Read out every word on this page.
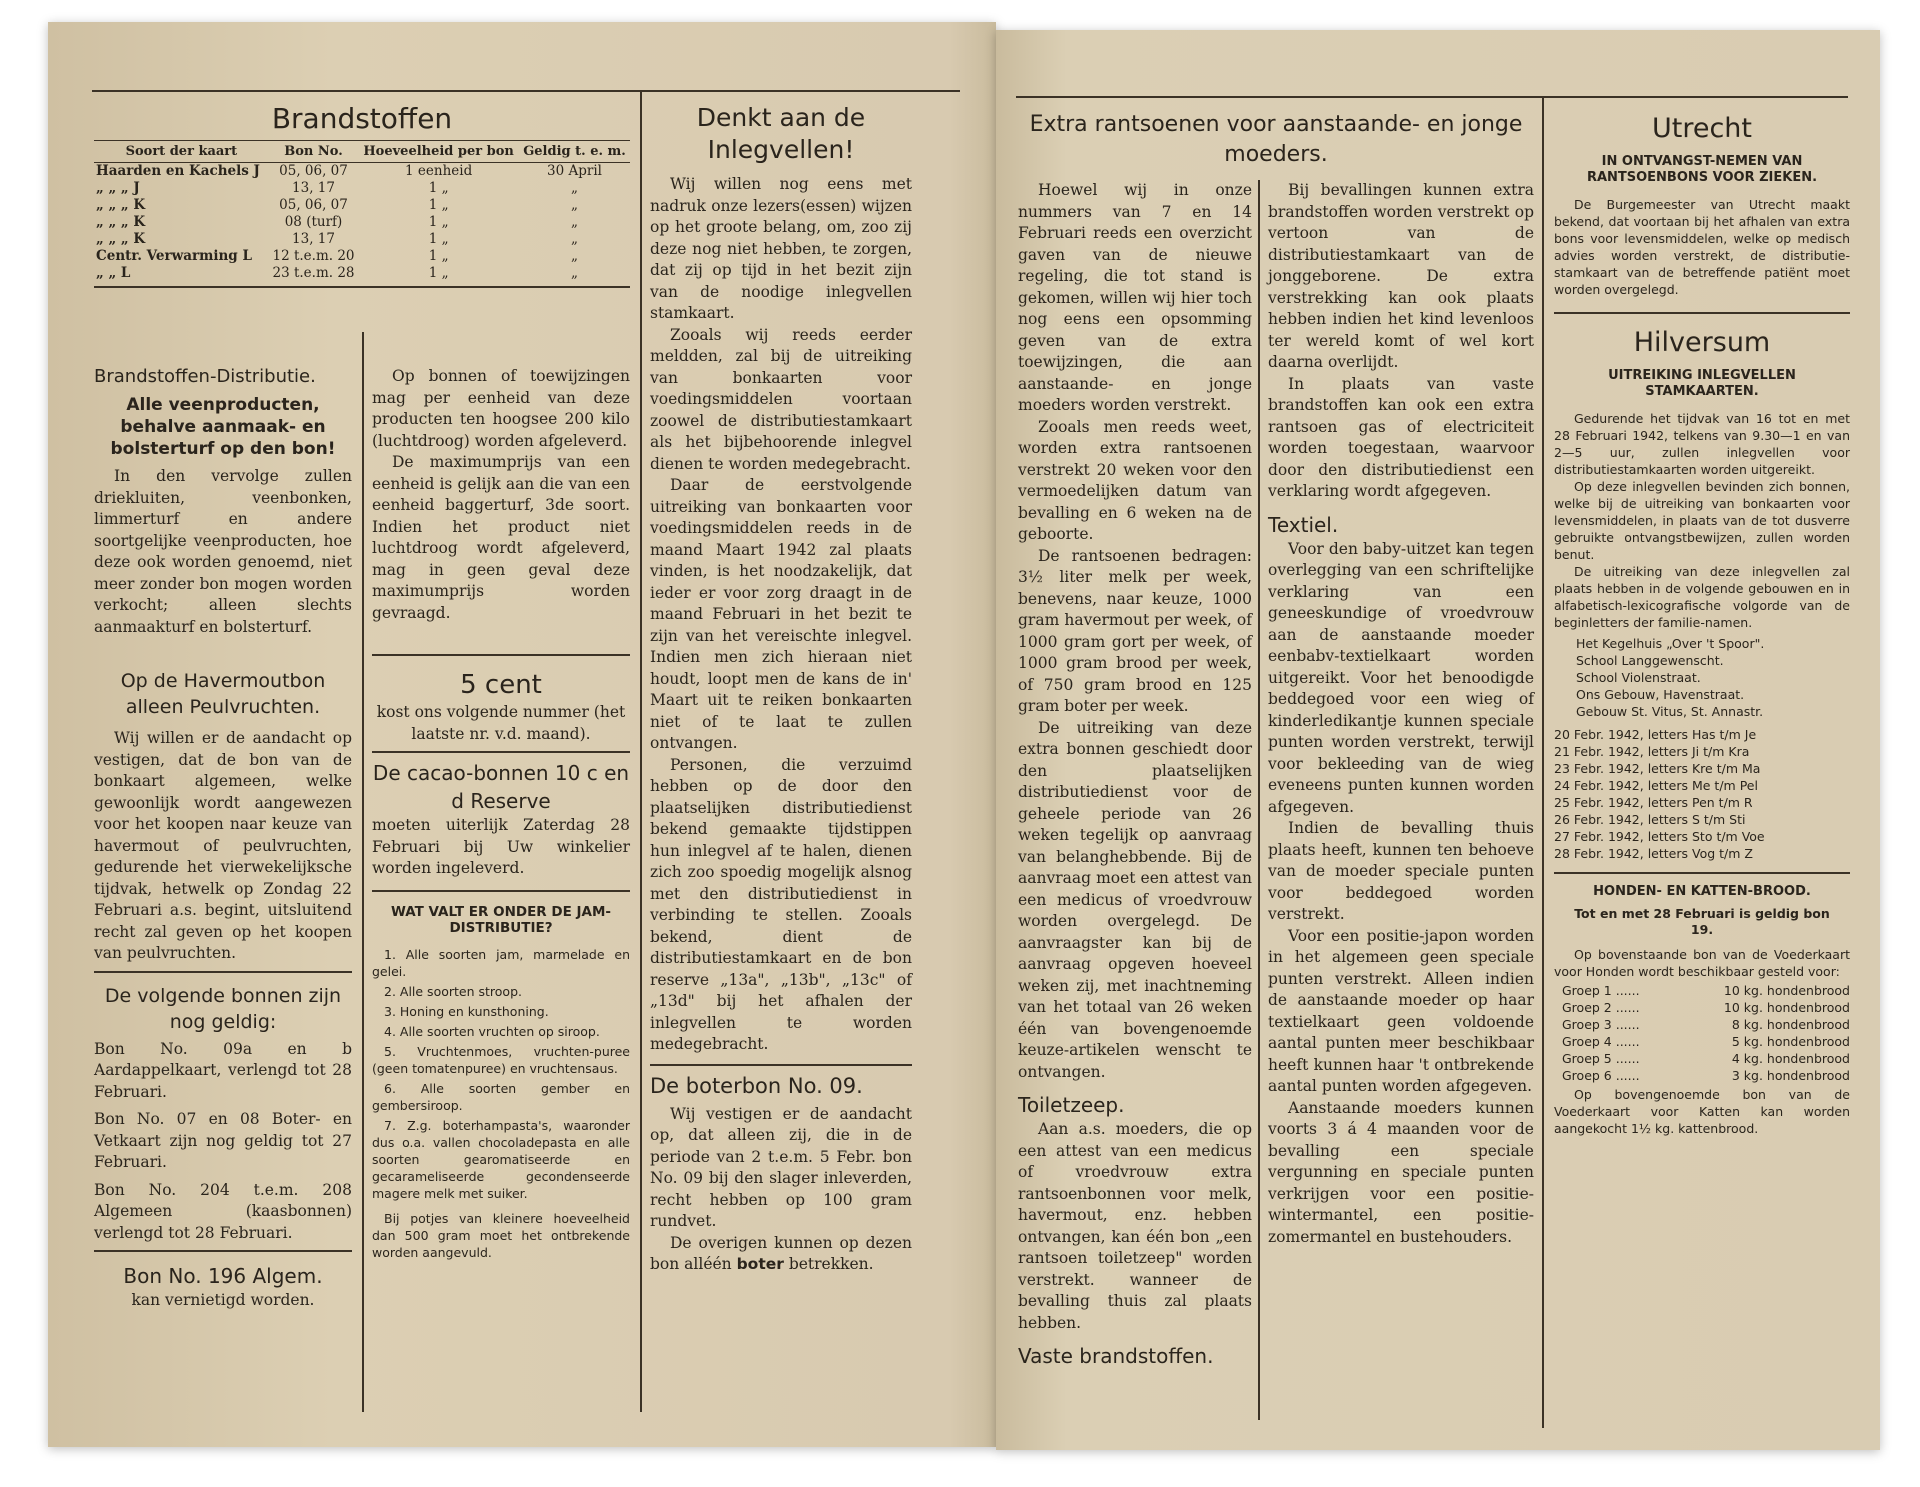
Brandstoffen
Soort der kaart	Bon No.	Hoeveelheid per bon	Geldig t. e. m.
Haarden en Kachels J	05, 06, 07	1 eenheid	30 April
„ „ „ J	13, 17	1 „	„
„ „ „ K	05, 06, 07	1 „	„
„ „ „ K	08 (turf)	1 „	„
„ „ „ K	13, 17	1 „	„
Centr. Verwarming L	12 t.e.m. 20	1 „	„
„ „ L	23 t.e.m. 28	1 „	„
Brandstoffen-Distributie.
Alle veenproducten, behalve aanmaak- en bolsterturf op den bon!

In den vervolge zullen driekluiten, veenbonken, limmerturf en andere soortgelijke veenproducten, hoe deze ook worden genoemd, niet meer zonder bon mogen worden verkocht; alleen slechts aanmaakturf en bolsterturf.

Op bonnen of toewijzingen mag per eenheid van deze producten ten hoogsee 200 kilo (luchtdroog) worden afgeleverd.

De maximumprijs van een eenheid is gelijk aan die van een eenheid baggerturf, 3de soort. Indien het product niet luchtdroog wordt afgeleverd, mag in geen geval deze maximumprijs worden gevraagd.

Op de Havermoutbon alleen Peulvruchten.

Wij willen er de aandacht op vestigen, dat de bon van de bonkaart algemeen, welke gewoonlijk wordt aangewezen voor het koopen naar keuze van havermout of peulvruchten, gedurende het vierwekelijksche tijdvak, hetwelk op Zondag 22 Februari a.s. begint, uitsluitend recht zal geven op het koopen van peulvruchten.

De volgende bonnen zijn nog geldig:

Bon No. 09a en b Aardappelkaart, verlengd tot 28 Februari.

Bon No. 07 en 08 Boter- en Vetkaart zijn nog geldig tot 27 Februari.

Bon No. 204 t.e.m. 208 Algemeen (kaasbonnen) verlengd tot 28 Februari.

Bon No. 196 Algem.
kan vernietigd worden.
5 cent

kost ons volgende nummer (het laatste nr. v.d. maand).

De cacao-bonnen 10 c en d Reserve

moeten uiterlijk Zaterdag 28 Februari bij Uw winkelier worden ingeleverd.

WAT VALT ER ONDER DE JAM-DISTRIBUTIE?
1. Alle soorten jam, marmelade en gelei.
2. Alle soorten stroop.
3. Honing en kunsthoning.
4. Alle soorten vruchten op siroop.
5. Vruchtenmoes, vruchten-puree (geen tomatenpuree) en vruchtensaus.
6. Alle soorten gember en gembersiroop.
7. Z.g. boterhampasta's, waaronder dus o.a. vallen chocoladepasta en alle soorten gearomatiseerde en gecarameliseerde gecondenseerde magere melk met suiker.
Bij potjes van kleinere hoeveelheid dan 500 gram moet het ontbrekende worden aangevuld.
Denkt aan de Inlegvellen!

Wij willen nog eens met nadruk onze lezers(essen) wijzen op het groote belang, om, zoo zij deze nog niet hebben, te zorgen, dat zij op tijd in het bezit zijn van de noodige inlegvellen stamkaart.

Zooals wij reeds eerder meldden, zal bij de uitreiking van bonkaarten voor voedingsmiddelen voortaan zoowel de distributiestamkaart als het bijbehoorende inlegvel dienen te worden medegebracht.

Daar de eerstvolgende uitreiking van bonkaarten voor voedingsmiddelen reeds in de maand Maart 1942 zal plaats vinden, is het noodzakelijk, dat ieder er voor zorg draagt in de maand Februari in het bezit te zijn van het vereischte inlegvel. Indien men zich hieraan niet houdt, loopt men de kans de in' Maart uit te reiken bonkaarten niet of te laat te zullen ontvangen.

Personen, die verzuimd hebben op de door den plaatselijken distributiedienst bekend gemaakte tijdstippen hun inlegvel af te halen, dienen zich zoo spoedig mogelijk alsnog met den distributiedienst in verbinding te stellen. Zooals bekend, dient de distributiestamkaart en de bon reserve „13a", „13b", „13c" of „13d" bij het afhalen der inlegvellen te worden medegebracht.

De boterbon No. 09.

Wij vestigen er de aandacht op, dat alleen zij, die in de periode van 2 t.e.m. 5 Febr. bon No. 09 bij den slager inleverden, recht hebben op 100 gram rundvet.

De overigen kunnen op dezen bon alléén boter betrekken.

Extra rantsoenen voor aanstaande- en jonge moeders.

Hoewel wij in onze nummers van 7 en 14 Februari reeds een overzicht gaven van de nieuwe regeling, die tot stand is gekomen, willen wij hier toch nog eens een opsomming geven van de extra toewijzingen, die aan aanstaande- en jonge moeders worden verstrekt.

Zooals men reeds weet, worden extra rantsoenen verstrekt 20 weken voor den vermoedelijken datum van bevalling en 6 weken na de geboorte.

De rantsoenen bedragen: 3½ liter melk per week, benevens, naar keuze, 1000 gram havermout per week, of 1000 gram gort per week, of 1000 gram brood per week, of 750 gram brood en 125 gram boter per week.

De uitreiking van deze extra bonnen geschiedt door den plaatselijken distributiedienst voor de geheele periode van 26 weken tegelijk op aanvraag van belanghebbende. Bij de aanvraag moet een attest van een medicus of vroedvrouw worden overgelegd. De aanvraagster kan bij de aanvraag opgeven hoeveel weken zij, met inachtneming van het totaal van 26 weken één van bovengenoemde keuze-artikelen wenscht te ontvangen.

Toiletzeep.

Aan a.s. moeders, die op een attest van een medicus of vroedvrouw extra rantsoenbonnen voor melk, havermout, enz. hebben ontvangen, kan één bon „een rantsoen toiletzeep" worden verstrekt. wanneer de bevalling thuis zal plaats hebben.

Vaste brandstoffen.

Bij bevallingen kunnen extra brandstoffen worden verstrekt op vertoon van de distributiestamkaart van de jonggeborene. De extra verstrekking kan ook plaats hebben indien het kind levenloos ter wereld komt of wel kort daarna overlijdt.

In plaats van vaste brandstoffen kan ook een extra rantsoen gas of electriciteit worden toegestaan, waarvoor door den distributiedienst een verklaring wordt afgegeven.

Textiel.

Voor den baby-uitzet kan tegen overlegging van een schriftelijke verklaring van een geneeskundige of vroedvrouw aan de aanstaande moeder eenbabv-textielkaart worden uitgereikt. Voor het benoodigde beddegoed voor een wieg of kinderledikantje kunnen speciale punten worden verstrekt, terwijl voor bekleeding van de wieg eveneens punten kunnen worden afgegeven.

Indien de bevalling thuis plaats heeft, kunnen ten behoeve van de moeder speciale punten voor beddegoed worden verstrekt.

Voor een positie-japon worden in het algemeen geen speciale punten verstrekt. Alleen indien de aanstaande moeder op haar textielkaart geen voldoende aantal punten meer beschikbaar heeft kunnen haar 't ontbrekende aantal punten worden afgegeven.

Aanstaande moeders kunnen voorts 3 á 4 maanden voor de bevalling een speciale vergunning en speciale punten verkrijgen voor een positie-wintermantel, een positie-zomermantel en bustehouders.

Utrecht
IN ONTVANGST-NEMEN VAN RANTSOENBONS VOOR ZIEKEN.

De Burgemeester van Utrecht maakt bekend, dat voortaan bij het afhalen van extra bons voor levensmiddelen, welke op medisch advies worden verstrekt, de distributie-stamkaart van de betreffende patiënt moet worden overgelegd.

Hilversum
UITREIKING INLEGVELLEN STAMKAARTEN.

Gedurende het tijdvak van 16 tot en met 28 Februari 1942, telkens van 9.30—1 en van 2—5 uur, zullen inlegvellen voor distributiestamkaarten worden uitgereikt.

Op deze inlegvellen bevinden zich bonnen, welke bij de uitreiking van bonkaarten voor levensmiddelen, in plaats van de tot dusverre gebruikte ontvangstbewijzen, zullen worden benut.

De uitreiking van deze inlegvellen zal plaats hebben in de volgende gebouwen en in alfabetisch-lexicografische volgorde van de beginletters der familie-namen.

Het Kegelhuis „Over 't Spoor".
School Langgewenscht.
School Violenstraat.
Ons Gebouw, Havenstraat.
Gebouw St. Vitus, St. Annastr.
20 Febr. 1942, letters Has t/m Je
21 Febr. 1942, letters Ji t/m Kra
23 Febr. 1942, letters Kre t/m Ma
24 Febr. 1942, letters Me t/m Pel
25 Febr. 1942, letters Pen t/m R
26 Febr. 1942, letters S t/m Sti
27 Febr. 1942, letters Sto t/m Voe
28 Febr. 1942, letters Vog t/m Z
HONDEN- EN KATTEN-BROOD.
Tot en met 28 Februari is geldig bon 19.

Op bovenstaande bon van de Voederkaart voor Honden wordt beschikbaar gesteld voor:

Groep 1 ......	10 kg. hondenbrood
Groep 2 ......	10 kg. hondenbrood
Groep 3 ......	8 kg. hondenbrood
Groep 4 ......	5 kg. hondenbrood
Groep 5 ......	4 kg. hondenbrood
Groep 6 ......	3 kg. hondenbrood

Op bovengenoemde bon van de Voederkaart voor Katten kan worden aangekocht 1½ kg. kattenbrood.
